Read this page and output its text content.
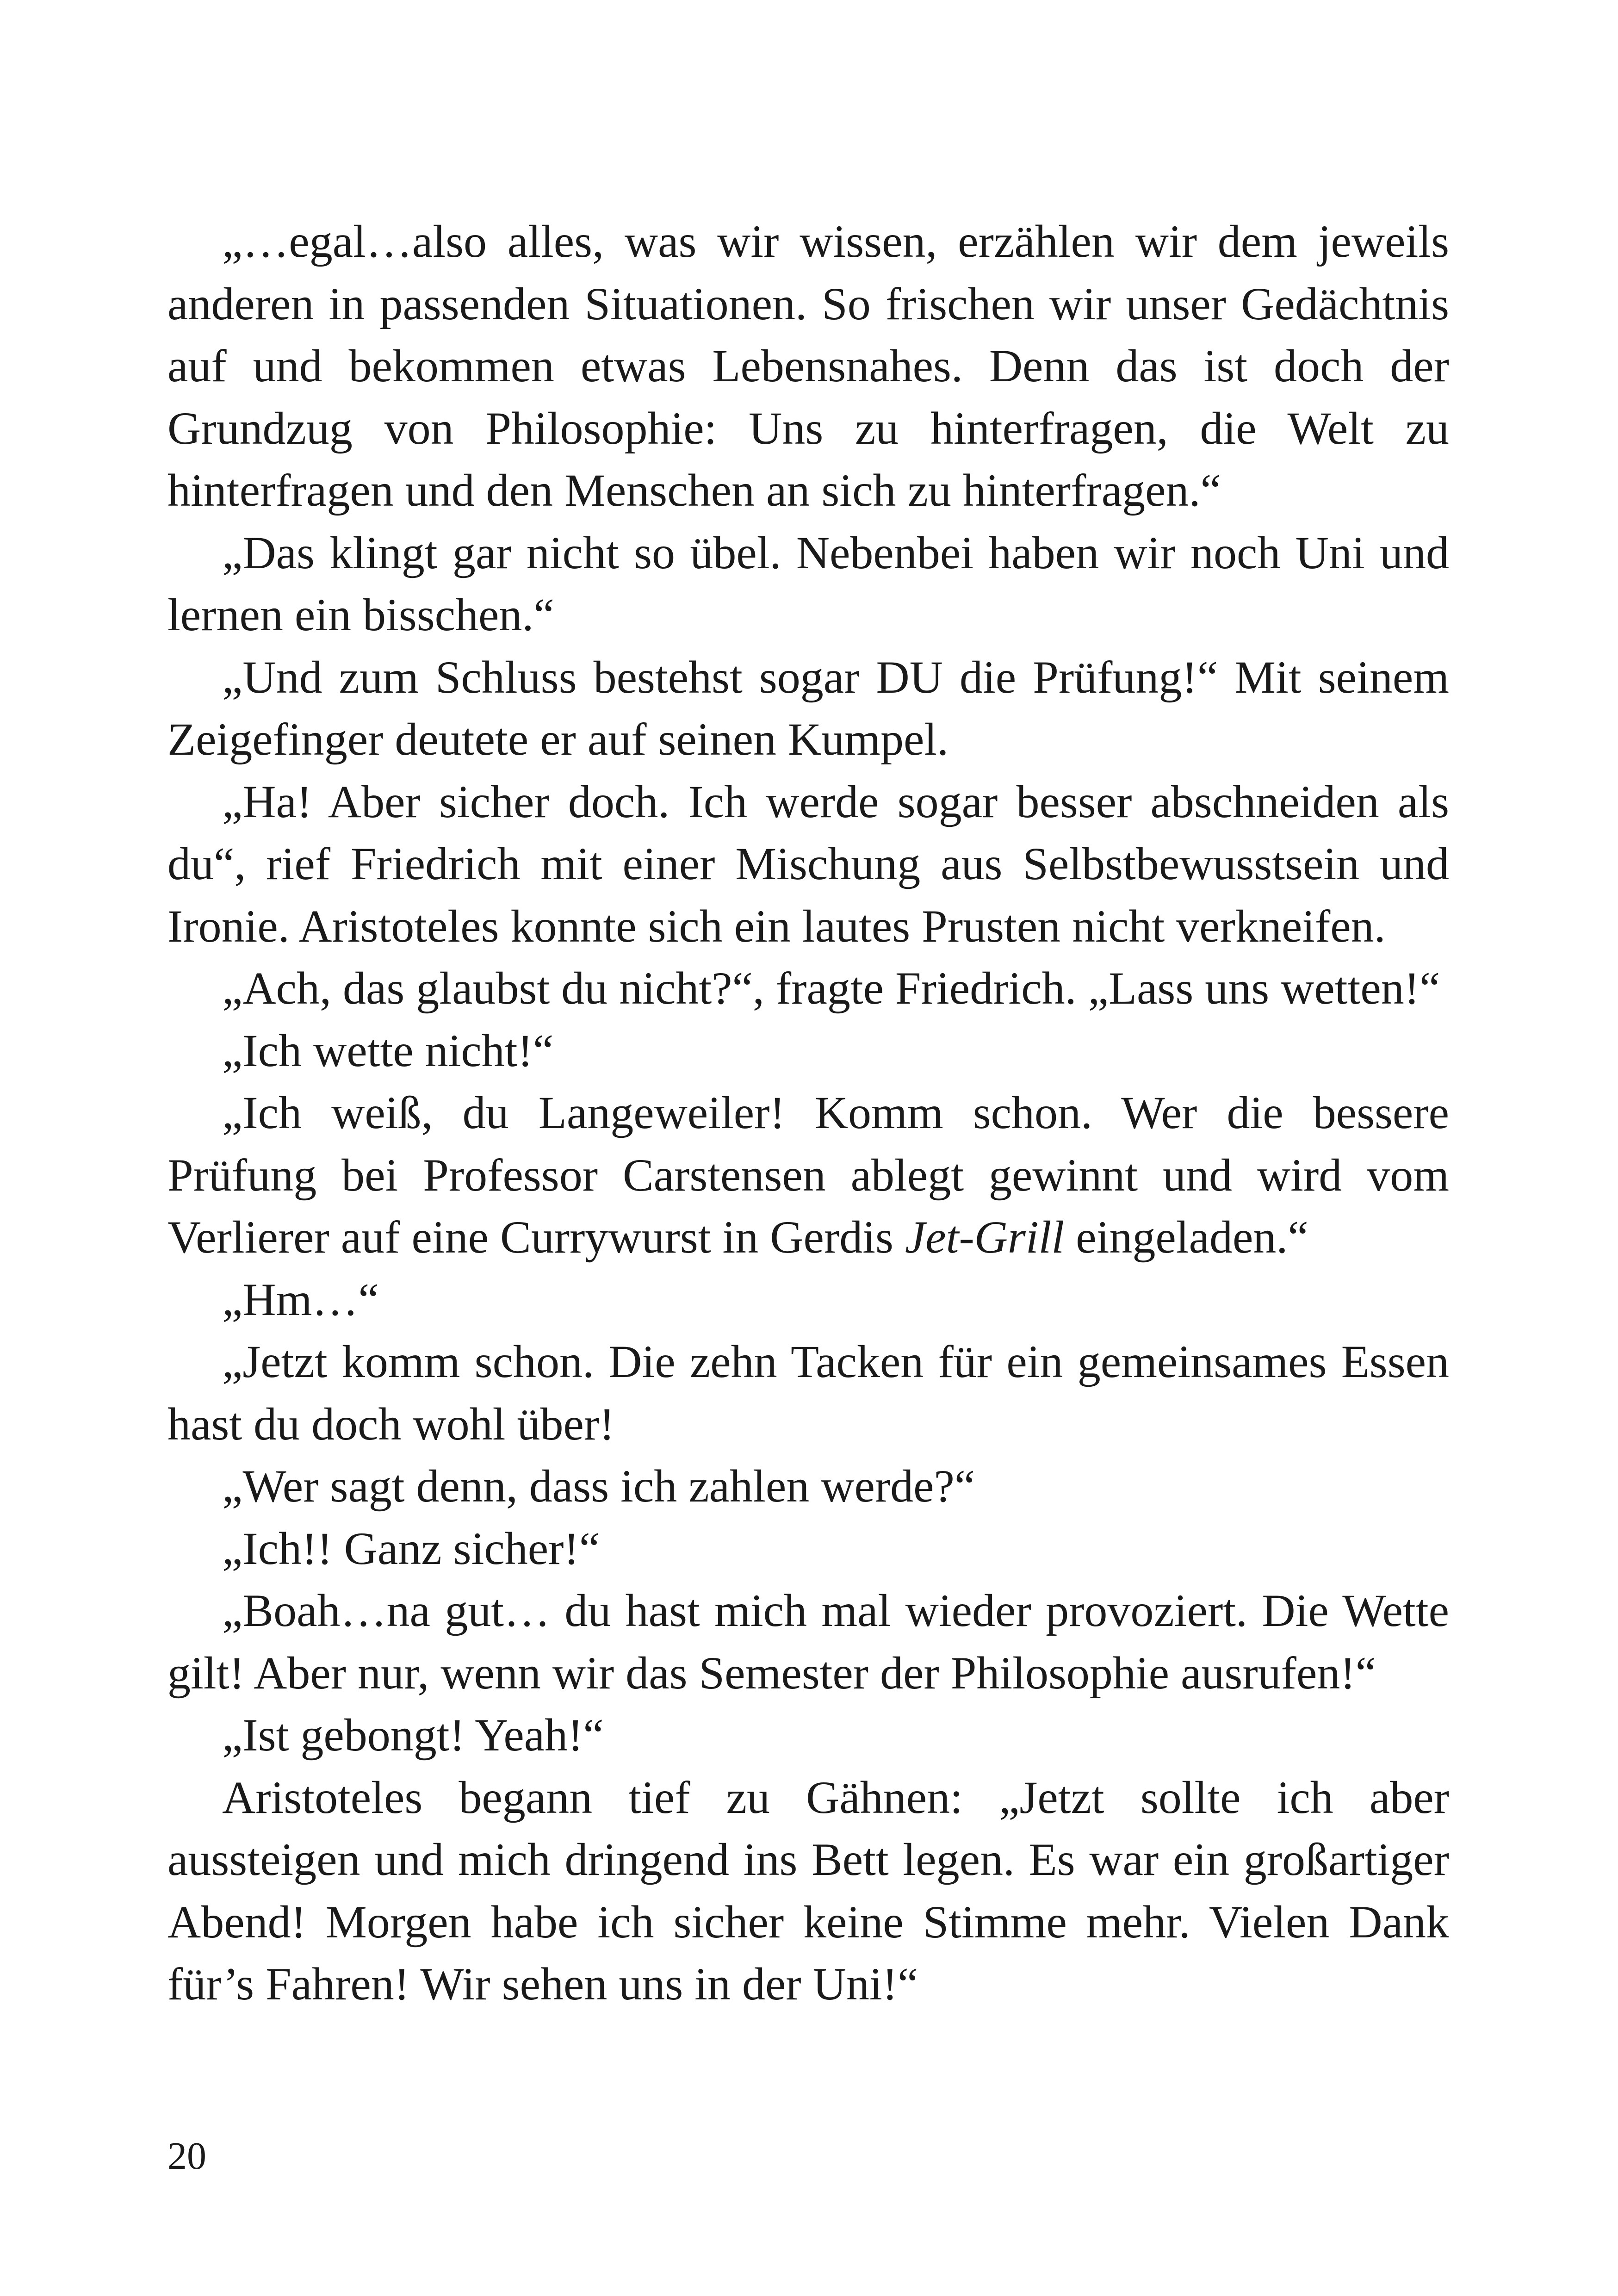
„…egal…also alles, was wir wissen, erzählen wir dem jeweils anderen in passenden Situationen. So frischen wir unser Gedächtnis auf und bekommen etwas Lebensnahes. Denn das ist doch der Grundzug von Philosophie: Uns zu hinterfragen, die Welt zu hinterfragen und den Menschen an sich zu hinterfragen.“

„Das klingt gar nicht so übel. Nebenbei haben wir noch Uni und lernen ein bisschen.“

„Und zum Schluss bestehst sogar DU die Prüfung!“ Mit seinem Zeigefinger deutete er auf seinen Kumpel.

„Ha! Aber sicher doch. Ich werde sogar besser abschneiden als du“, rief Friedrich mit einer Mischung aus Selbstbewusstsein und Ironie. Aristoteles konnte sich ein lautes Prusten nicht verkneifen.

„Ach, das glaubst du nicht?“, fragte Friedrich. „Lass uns wetten!“

„Ich wette nicht!“

„Ich weiß, du Langeweiler! Komm schon. Wer die bessere Prüfung bei Professor Carstensen ablegt gewinnt und wird vom Verlierer auf eine Currywurst in Gerdis Jet-Grill eingeladen.“

„Hm…“

„Jetzt komm schon. Die zehn Tacken für ein gemeinsames Essen hast du doch wohl über!

„Wer sagt denn, dass ich zahlen werde?“

„Ich!! Ganz sicher!“

„Boah…na gut… du hast mich mal wieder provoziert. Die Wette gilt! Aber nur, wenn wir das Semester der Philosophie ausrufen!“

„Ist gebongt! Yeah!“

Aristoteles begann tief zu Gähnen: „Jetzt sollte ich aber aussteigen und mich dringend ins Bett legen. Es war ein großartiger Abend! Morgen habe ich sicher keine Stimme mehr. Vielen Dank für’s Fahren! Wir sehen uns in der Uni!“

20
